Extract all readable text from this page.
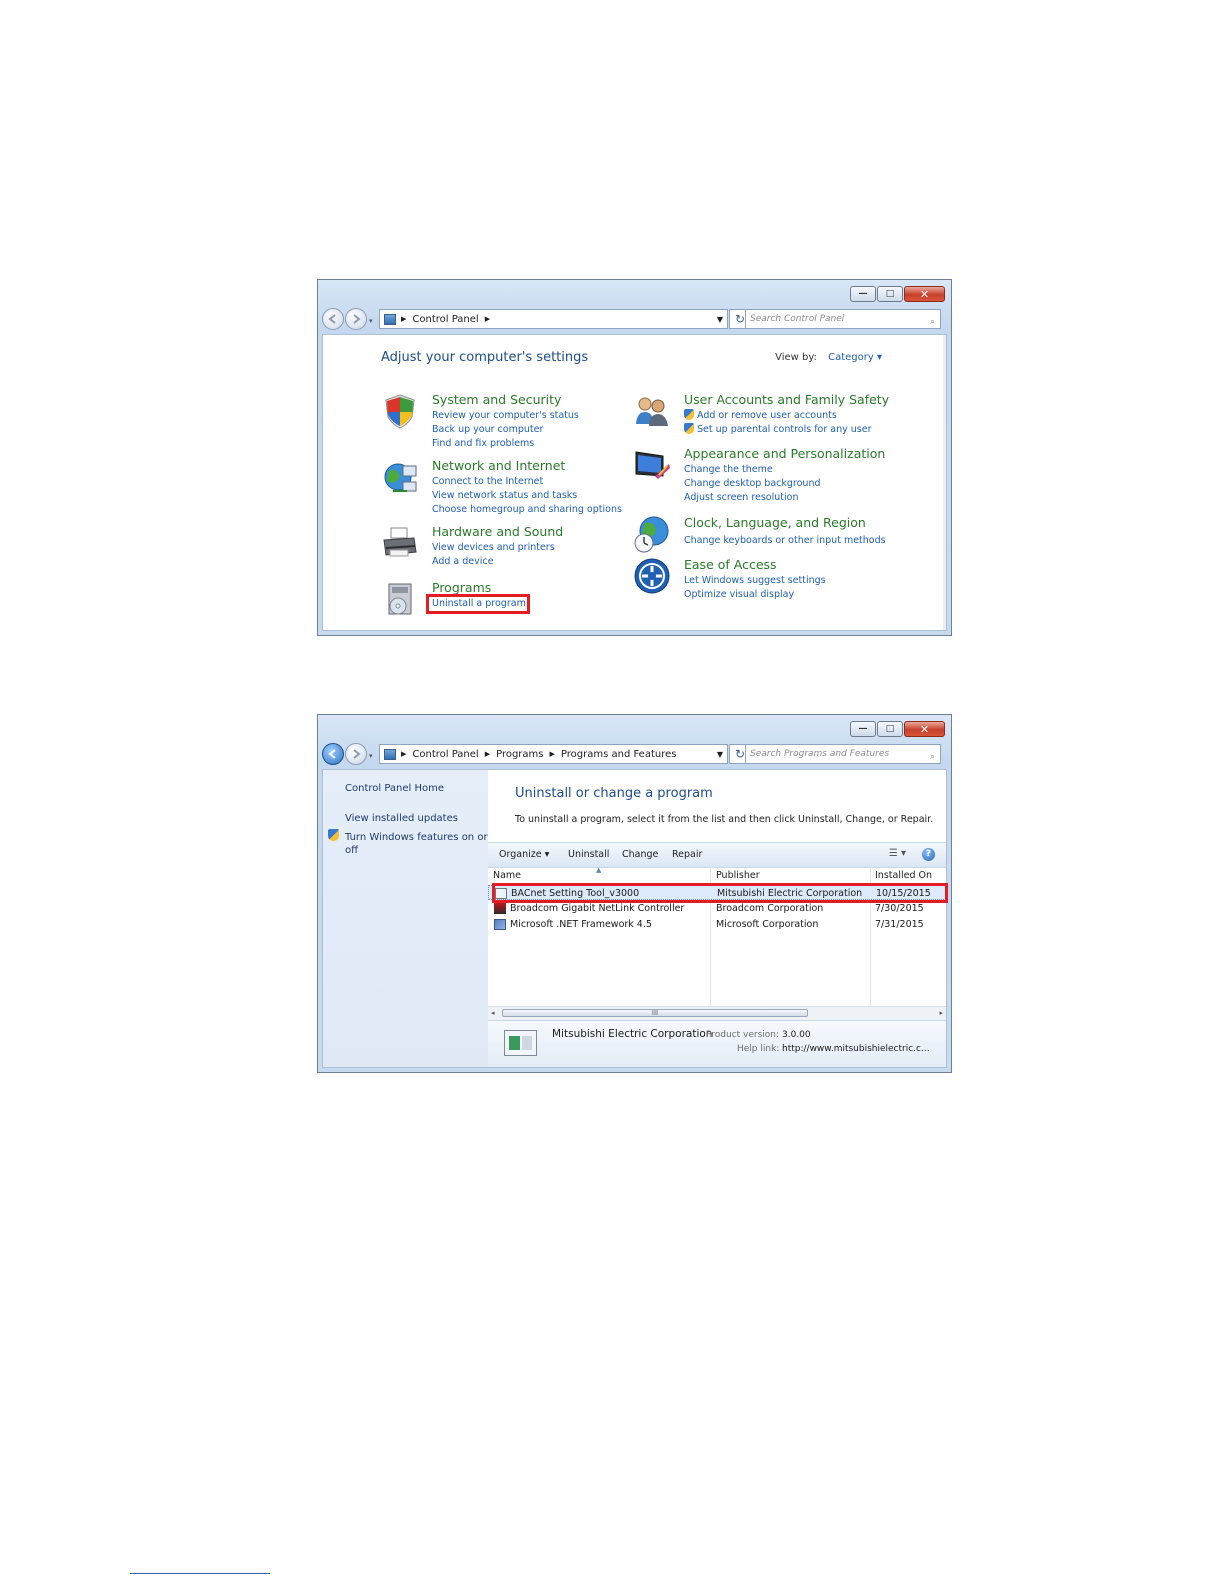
—	□	✕
▾	▶ Control Panel ▶	▼ ↻ Search Control Panel	⌕
Adjust your computer's settings	View by: Category ▾
System and Security
Review your computer's status
Back up your computer
Find and fix problems
Network and Internet
Connect to the Internet
View network status and tasks
Choose homegroup and sharing options
Hardware and Sound
View devices and printers
Add a device
Programs
Uninstall a program
User Accounts and Family Safety
Add or remove user accounts
Set up parental controls for any user
Appearance and Personalization
Change the theme
Change desktop background
Adjust screen resolution
Clock, Language, and Region
Change keyboards or other input methods
Ease of Access
Let Windows suggest settings
Optimize visual display
—	□	✕
▾	▶ Control Panel ▶ Programs ▶ Programs and Features	▼ ↻ Search Programs and Features	⌕
Control Panel Home
View installed updates
Turn Windows features on or
off
Uninstall or change a program
To uninstall a program, select it from the list and then click Uninstall, Change, or Repair.
Organize ▾ Uninstall Change Repair	☰ ▾	?
▲
Name	Publisher	Installed On
BACnet Setting Tool_v3000	Mitsubishi Electric Corporation 10/15/2015
Broadcom Gigabit NetLink Controller	Broadcom Corporation	7/30/2015
Microsoft .NET Framework 4.5	Microsoft Corporation	7/31/2015
◂	III	▸
Mitsubishi Electric Corporation
Product version: 3.0.00
Help link: http://www.mitsubishielectric.c...
